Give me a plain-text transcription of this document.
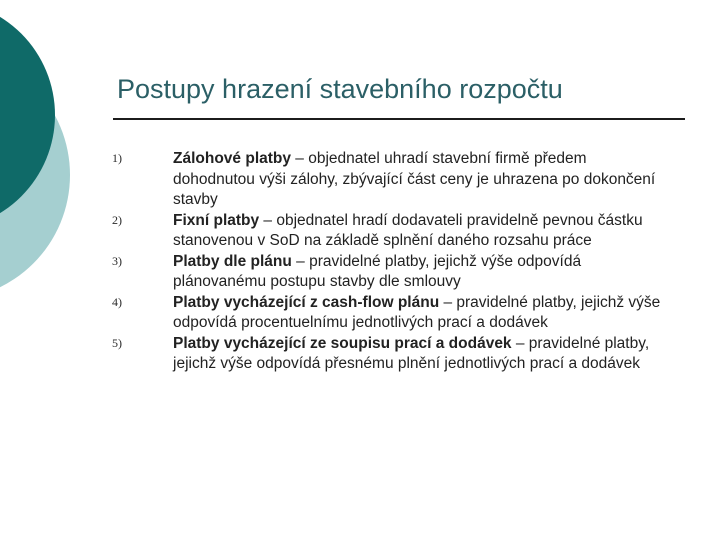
Postupy hrazení stavebního rozpočtu
1)	Zálohové platby – objednatel uhradí stavební firmě předem dohodnutou výši zálohy, zbývající část ceny je uhrazena po dokončení stavby
2)	Fixní platby – objednatel hradí dodavateli pravidelně pevnou částku stanovenou v SoD na základě splnění daného rozsahu práce
3)	Platby dle plánu – pravidelné platby, jejichž výše odpovídá plánovanému postupu stavby dle smlouvy
4)	Platby vycházející z cash-flow plánu – pravidelné platby, jejichž výše odpovídá procentuelnímu jednotlivých prací a dodávek
5)	Platby vycházející ze soupisu prací a dodávek – pravidelné platby, jejichž výše odpovídá přesnému plnění jednotlivých prací a dodávek
